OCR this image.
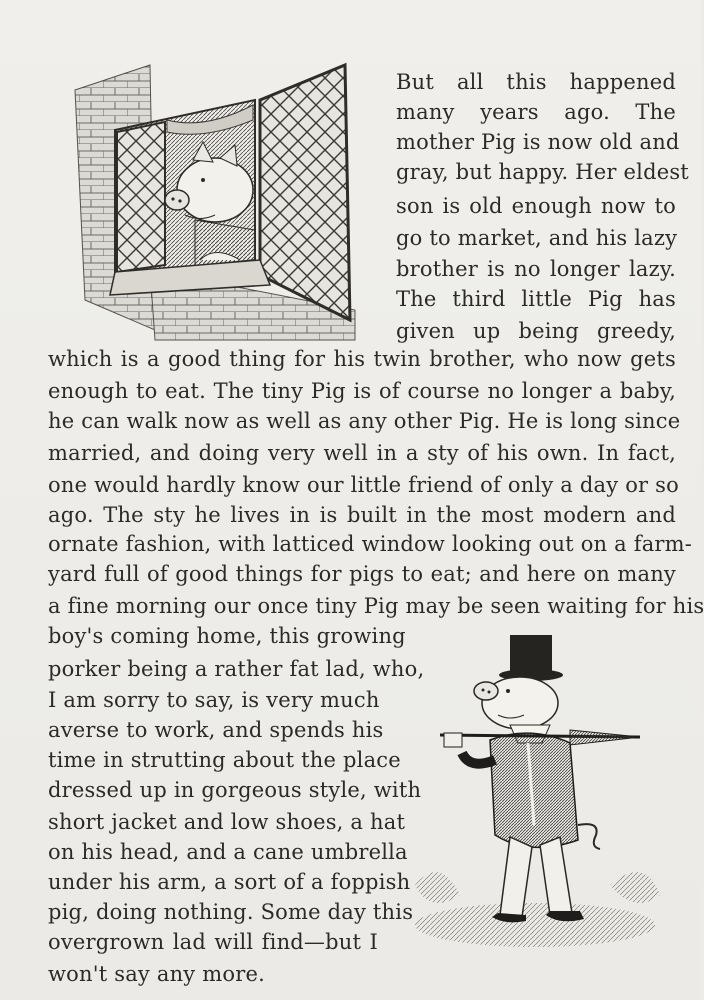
But all this happened
many years ago. The
mother Pig is now old and
gray, but happy. Her eldest
son is old enough now to
go to market, and his lazy
brother is no longer lazy.
The third little Pig has
given up being greedy,
which is a good thing for his twin brother, who now gets
enough to eat. The tiny Pig is of course no longer a baby,
he can walk now as well as any other Pig. He is long since
married, and doing very well in a sty of his own. In fact,
one would hardly know our little friend of only a day or so
ago. The sty he lives in is built in the most modern and
ornate fashion, with latticed window looking out on a farm-
yard full of good things for pigs to eat; and here on many
a fine morning our once tiny Pig may be seen waiting for his
boy's coming home, this growing
porker being a rather fat lad, who,
I am sorry to say, is very much
averse to work, and spends his
time in strutting about the place
dressed up in gorgeous style, with
short jacket and low shoes, a hat
on his head, and a cane umbrella
under his arm, a sort of a foppish
pig, doing nothing. Some day this
overgrown lad will find—but I
won't say any more.
